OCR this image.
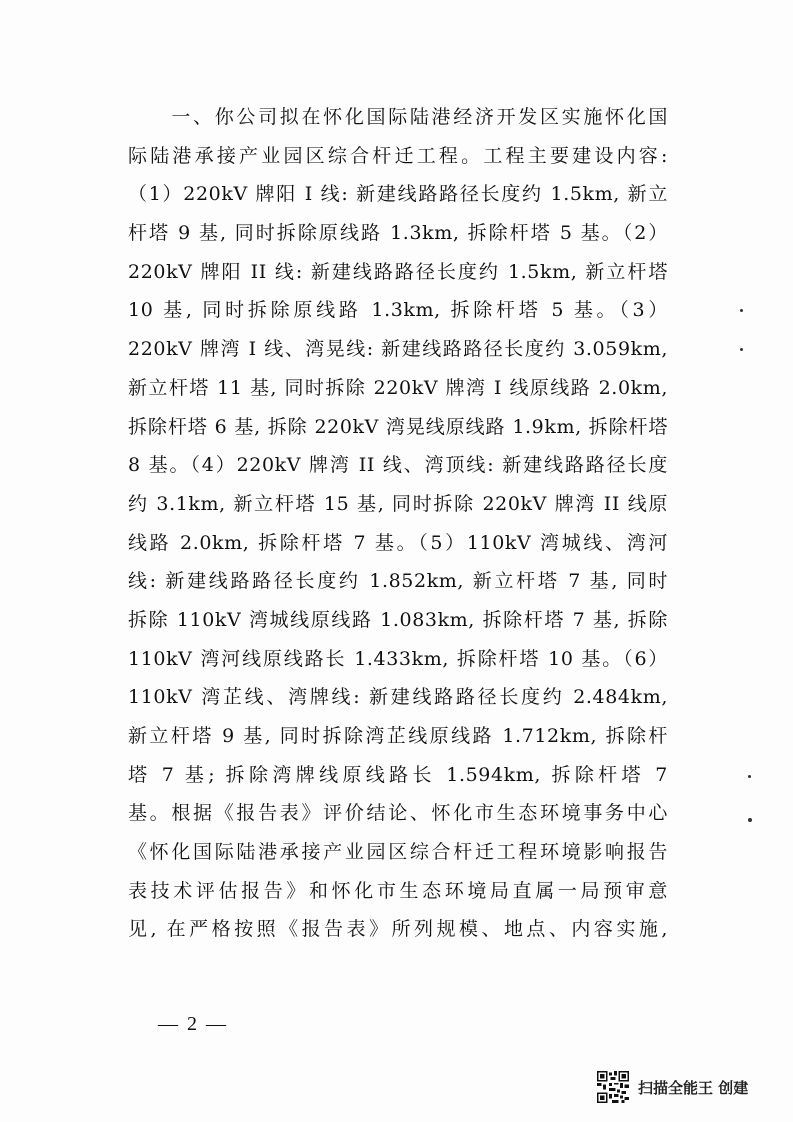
　　一、你公司拟在怀化国际陆港经济开发区实施怀化国
际陆港承接产业园区综合杆迁工程。工程主要建设内容:
（1）220kV 牌阳 I 线: 新建线路路径长度约 1.5km, 新立
杆塔 9 基, 同时拆除原线路 1.3km, 拆除杆塔 5 基。（2）
220kV 牌阳 II 线: 新建线路路径长度约 1.5km, 新立杆塔
10 基, 同时拆除原线路 1.3km, 拆除杆塔 5 基。（3）
220kV 牌湾 I 线、湾晃线: 新建线路路径长度约 3.059km,
新立杆塔 11 基, 同时拆除 220kV 牌湾 I 线原线路 2.0km,
拆除杆塔 6 基, 拆除 220kV 湾晃线原线路 1.9km, 拆除杆塔
8 基。（4）220kV 牌湾 II 线、湾顶线: 新建线路路径长度
约 3.1km, 新立杆塔 15 基, 同时拆除 220kV 牌湾 II 线原
线路 2.0km, 拆除杆塔 7 基。（5）110kV 湾城线、湾河
线: 新建线路路径长度约 1.852km, 新立杆塔 7 基, 同时
拆除 110kV 湾城线原线路 1.083km, 拆除杆塔 7 基, 拆除
110kV 湾河线原线路长 1.433km, 拆除杆塔 10 基。（6）
110kV 湾芷线、湾牌线: 新建线路路径长度约 2.484km,
新立杆塔 9 基, 同时拆除湾芷线原线路 1.712km, 拆除杆
塔 7 基; 拆除湾牌线原线路长 1.594km, 拆除杆塔 7
基。根据《报告表》评价结论、怀化市生态环境事务中心
《怀化国际陆港承接产业园区综合杆迁工程环境影响报告
表技术评估报告》和怀化市生态环境局直属一局预审意
见, 在严格按照《报告表》所列规模、地点、内容实施,
— 2 —
扫描全能王 创建
